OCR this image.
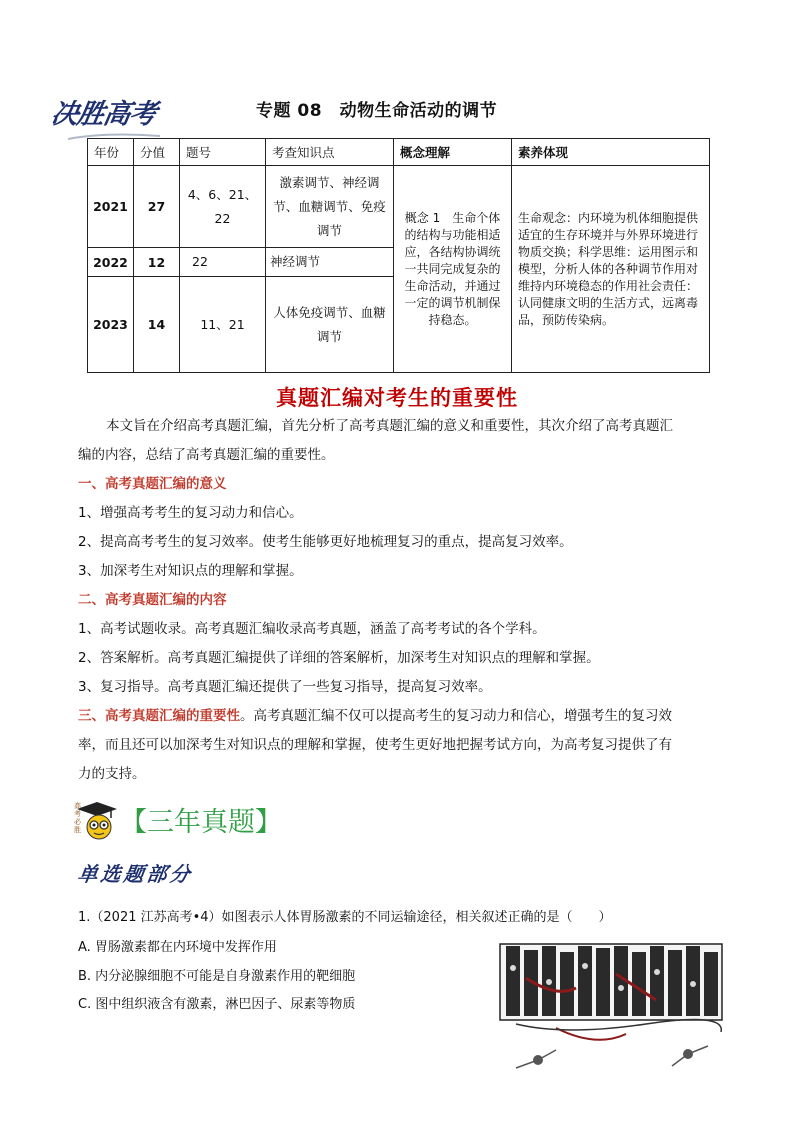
决胜高考	专题 08　动物生命活动的调节
年份	分值	题号	考查知识点	概念理解	素养体现
2021	27	4、6、21、22	激素调节、神经调节、血糖调节、免疫调节	概念 1　生命个体的结构与功能相适应，各结构协调统一共同完成复杂的生命活动，并通过一定的调节机制保持稳态。	生命观念：内环境为机体细胞提供适宜的生存环境并与外界环境进行物质交换；科学思维：运用图示和模型，分析人体的各种调节作用对维持内环境稳态的作用社会责任：认同健康文明的生活方式，远离毒品，预防传染病。
2022	12	22	神经调节		
2023	14	11、21	人体免疫调节、血糖调节		
真题汇编对考生的重要性
本文旨在介绍高考真题汇编，首先分析了高考真题汇编的意义和重要性，其次介绍了高考真题汇
编的内容，总结了高考真题汇编的重要性。
一、高考真题汇编的意义
1、增强高考考生的复习动力和信心。
2、提高高考考生的复习效率。使考生能够更好地梳理复习的重点，提高复习效率。
3、加深考生对知识点的理解和掌握。
二、高考真题汇编的内容
1、高考试题收录。高考真题汇编收录高考真题，涵盖了高考考试的各个学科。
2、答案解析。高考真题汇编提供了详细的答案解析，加深考生对知识点的理解和掌握。
3、复习指导。高考真题汇编还提供了一些复习指导，提高复习效率。
三、高考真题汇编的重要性。高考真题汇编不仅可以提高考生的复习动力和信心，增强考生的复习效
率，而且还可以加深考生对知识点的理解和掌握，使考生更好地把握考试方向，为高考复习提供了有
力的支持。
高考必胜 【三年真题】
单选题部分
1.（2021 江苏高考•4）如图表示人体胃肠激素的不同运输途径，相关叙述正确的是（　　）
A. 胃肠激素都在内环境中发挥作用
B. 内分泌腺细胞不可能是自身激素作用的靶细胞
C. 图中组织液含有激素，淋巴因子、尿素等物质
